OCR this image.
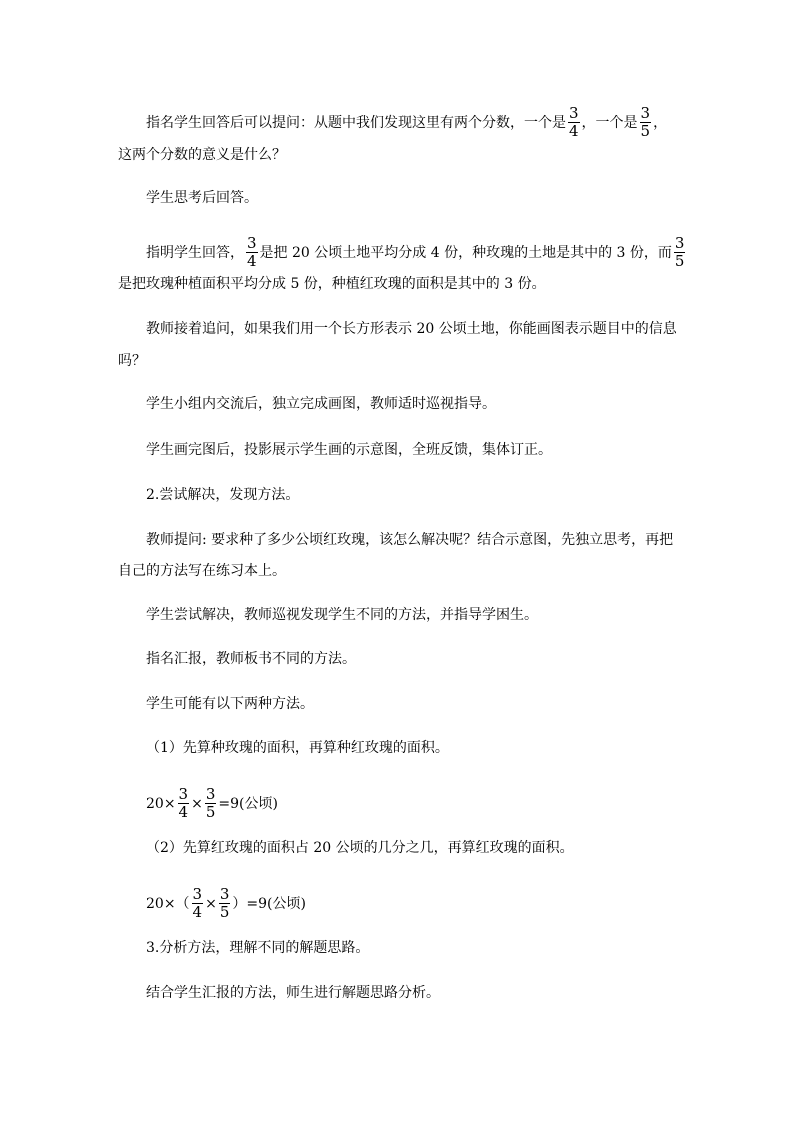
指名学生回答后可以提问：从题中我们发现这里有两个分数，一个是 $\frac{3}{4}$ ，一个是 $\frac{3}{5}$ ，
这两个分数的意义是什么？
学生思考后回答。
指明学生回答， $\frac{3}{4}$ 是把 20 公顷土地平均分成 4 份，种玫瑰的土地是其中的 3 份，而 $\frac{3}{5}$
是把玫瑰种植面积平均分成 5 份，种植红玫瑰的面积是其中的 3 份。
教师接着追问，如果我们用一个长方形表示 20 公顷土地，你能画图表示题目中的信息
吗？
学生小组内交流后，独立完成画图，教师适时巡视指导。
学生画完图后，投影展示学生画的示意图，全班反馈，集体订正。
2.尝试解决，发现方法。
教师提问: 要求种了多少公顷红玫瑰，该怎么解决呢？结合示意图，先独立思考，再把
自己的方法写在练习本上。
学生尝试解决，教师巡视发现学生不同的方法，并指导学困生。
指名汇报，教师板书不同的方法。
学生可能有以下两种方法。
（1）先算种玫瑰的面积，再算种红玫瑰的面积。
$20\times \frac{3}{4} \times \frac{3}{5} =9$(公顷)
（2）先算红玫瑰的面积占 20 公顷的几分之几，再算红玫瑰的面积。
$20\times( \frac{3}{4} \times \frac{3}{5} )=9$(公顷)
3.分析方法，理解不同的解题思路。
结合学生汇报的方法，师生进行解题思路分析。
